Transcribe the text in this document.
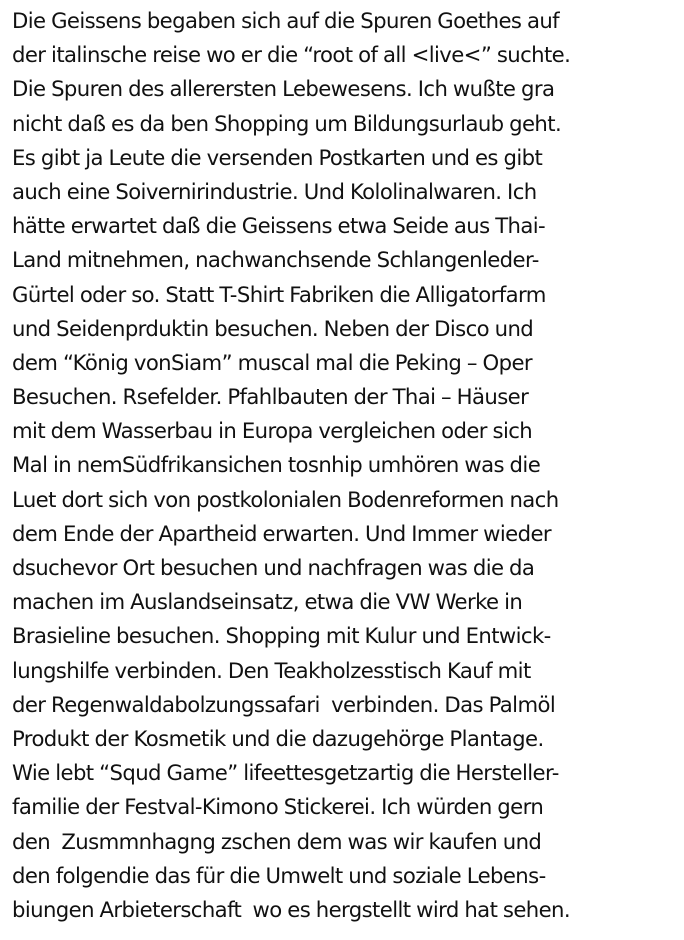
Die Geissens begaben sich auf die Spuren Goethes auf
der italinsche reise wo er die “root of all <live<” suchte.
Die Spuren des allerersten Lebewesens. Ich wußte gra
nicht daß es da ben Shopping um Bildungsurlaub geht.
Es gibt ja Leute die versenden Postkarten und es gibt
auch eine Soivernirindustrie. Und Kololinalwaren. Ich
hätte erwartet daß die Geissens etwa Seide aus Thai-
Land mitnehmen, nachwanchsende Schlangenleder-
Gürtel oder so. Statt T-Shirt Fabriken die Alligatorfarm
und Seidenprduktin besuchen. Neben der Disco und
dem “König vonSiam” muscal mal die Peking – Oper
Besuchen. Rsefelder. Pfahlbauten der Thai – Häuser
mit dem Wasserbau in Europa vergleichen oder sich
Mal in nemSüdfrikansichen tosnhip umhören was die
Luet dort sich von postkolonialen Bodenreformen nach
dem Ende der Apartheid erwarten. Und Immer wieder
dsuchevor Ort besuchen und nachfragen was die da
machen im Auslandseinsatz, etwa die VW Werke in
Brasieline besuchen. Shopping mit Kulur und Entwick-
lungshilfe verbinden. Den Teakholzesstisch Kauf mit
der Regenwaldabolzungssafari  verbinden. Das Palmöl
Produkt der Kosmetik und die dazugehörge Plantage.
Wie lebt “Squd Game” lifeettesgetzartig die Hersteller-
familie der Festval-Kimono Stickerei. Ich würden gern
den  Zusmmnhagng zschen dem was wir kaufen und
den folgendie das für die Umwelt und soziale Lebens-
biungen Arbieterschaft  wo es hergstellt wird hat sehen.
